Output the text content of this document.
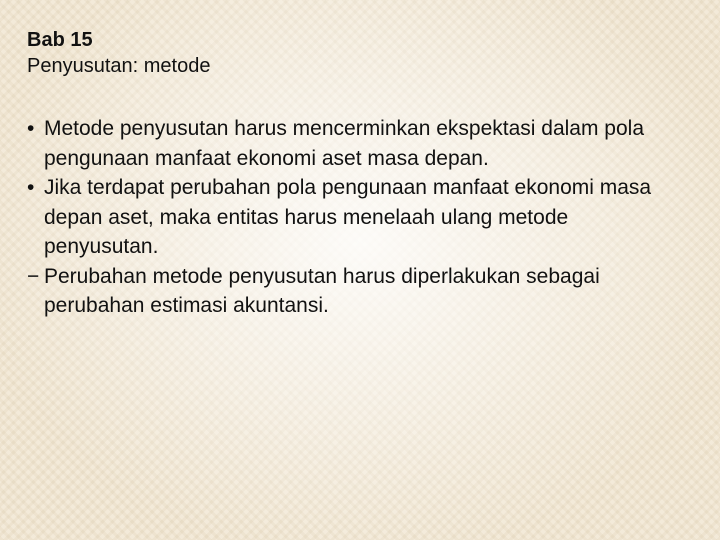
Bab 15
Penyusutan: metode

• Metode penyusutan harus mencerminkan ekspektasi dalam pola pengunaan manfaat ekonomi aset masa depan.

• Jika terdapat perubahan pola pengunaan manfaat ekonomi masa depan aset, maka entitas harus menelaah ulang metode penyusutan.

− Perubahan metode penyusutan harus diperlakukan sebagai perubahan estimasi akuntansi.
